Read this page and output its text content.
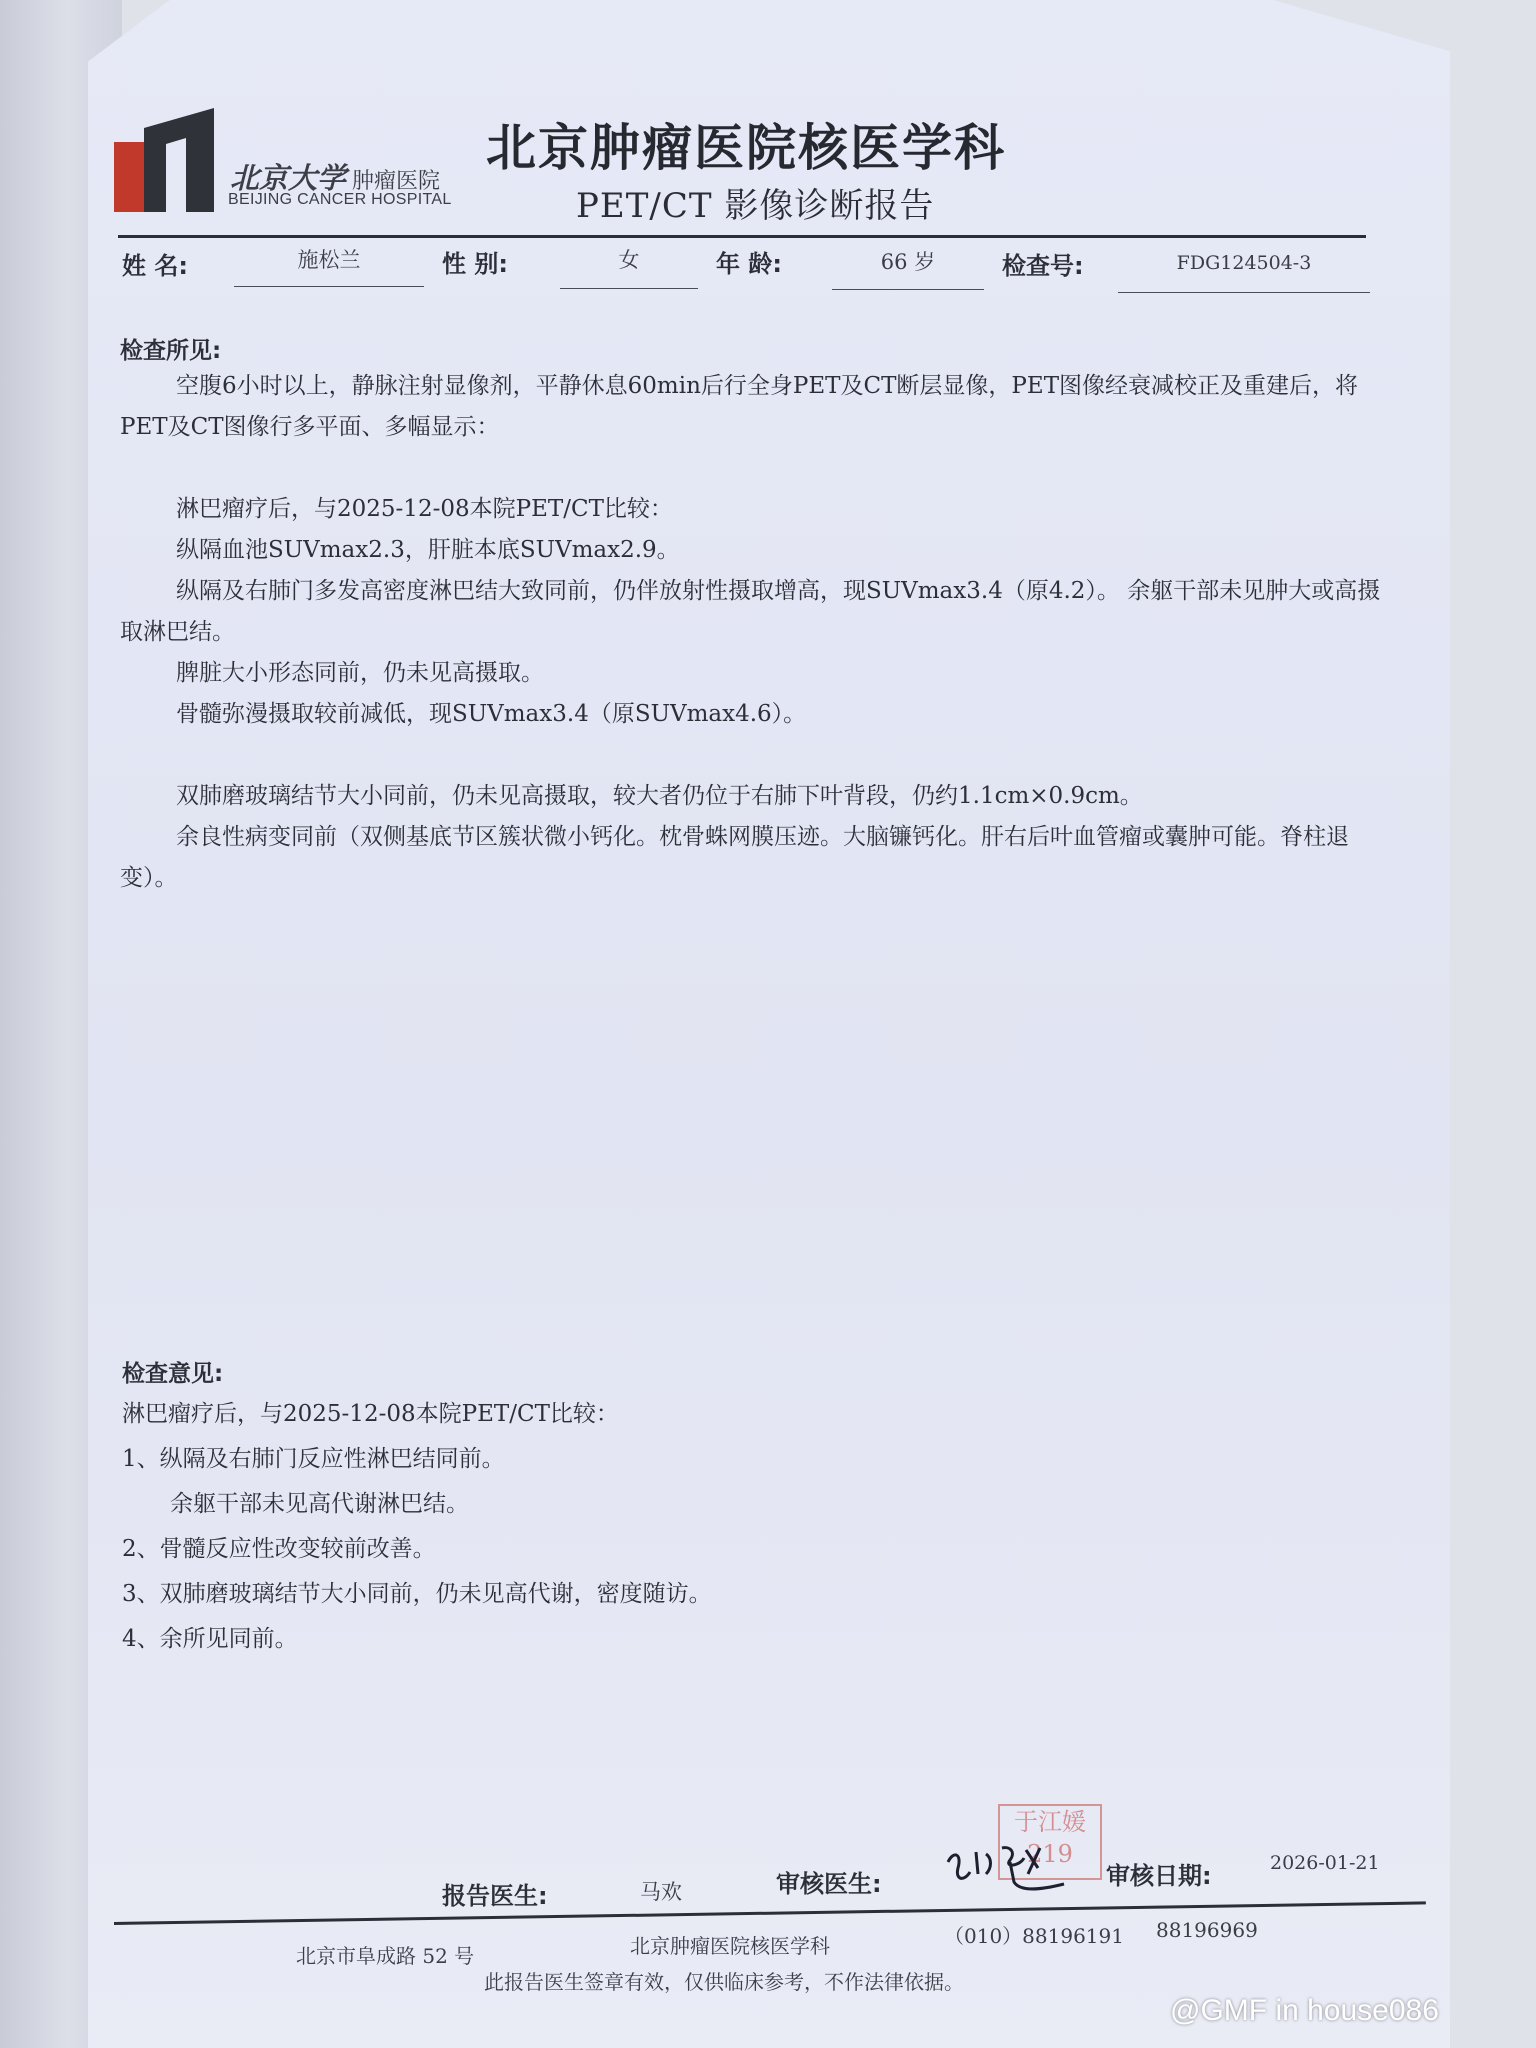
北京大学 肿瘤医院
BEIJING CANCER HOSPITAL
北京肿瘤医院核医学科
PET/CT 影像诊断报告
姓 名:	施松兰	性 别:	女	年 龄:	66 岁	检查号:	FDG124504-3
检查所见:

空腹6小时以上，静脉注射显像剂，平静休息60min后行全身PET及CT断层显像，PET图像经衰减校正及重建后，将PET及CT图像行多平面、多幅显示：

淋巴瘤疗后，与2025-12-08本院PET/CT比较：

纵隔血池SUVmax2.3，肝脏本底SUVmax2.9。

纵隔及右肺门多发高密度淋巴结大致同前，仍伴放射性摄取增高，现SUVmax3.4（原4.2）。 余躯干部未见肿大或高摄取淋巴结。

脾脏大小形态同前，仍未见高摄取。

骨髓弥漫摄取较前减低，现SUVmax3.4（原SUVmax4.6）。

双肺磨玻璃结节大小同前，仍未见高摄取，较大者仍位于右肺下叶背段，仍约1.1cm×0.9cm。

余良性病变同前（双侧基底节区簇状微小钙化。枕骨蛛网膜压迹。大脑镰钙化。肝右后叶血管瘤或囊肿可能。脊柱退变）。

检查意见:

淋巴瘤疗后，与2025-12-08本院PET/CT比较：

1、纵隔及右肺门反应性淋巴结同前。

余躯干部未见高代谢淋巴结。

2、骨髓反应性改变较前改善。

3、双肺磨玻璃结节大小同前，仍未见高代谢，密度随访。

4、余所见同前。

报告医生:	马欢	审核医生:
于江媛
219
审核日期:	2026-01-21
北京市阜成路 52 号	北京肿瘤医院核医学科	（010）88196191 88196969
此报告医生签章有效，仅供临床参考，不作法律依据。
@GMF in house086
